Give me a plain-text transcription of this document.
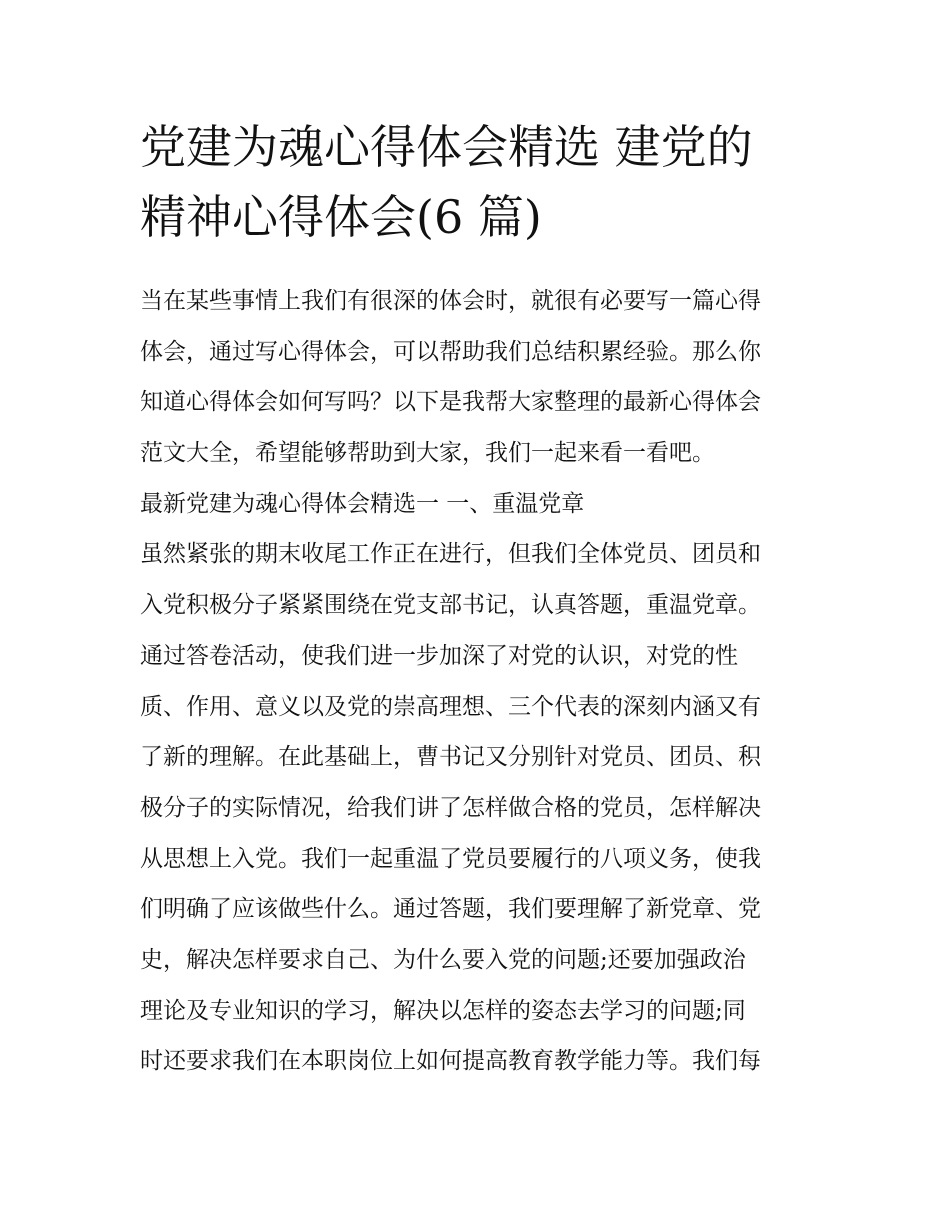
党建为魂心得体会精选 建党的
精神心得体会(6 篇)
当在某些事情上我们有很深的体会时，就很有必要写一篇心得
体会，通过写心得体会，可以帮助我们总结积累经验。那么你
知道心得体会如何写吗？以下是我帮大家整理的最新心得体会
范文大全，希望能够帮助到大家，我们一起来看一看吧。
最新党建为魂心得体会精选一 一、重温党章
虽然紧张的期末收尾工作正在进行，但我们全体党员、团员和
入党积极分子紧紧围绕在党支部书记，认真答题，重温党章。
通过答卷活动，使我们进一步加深了对党的认识，对党的性
质、作用、意义以及党的崇高理想、三个代表的深刻内涵又有
了新的理解。在此基础上，曹书记又分别针对党员、团员、积
极分子的实际情况，给我们讲了怎样做合格的党员，怎样解决
从思想上入党。我们一起重温了党员要履行的八项义务，使我
们明确了应该做些什么。通过答题，我们要理解了新党章、党
史，解决怎样要求自己、为什么要入党的问题;还要加强政治
理论及专业知识的学习，解决以怎样的姿态去学习的问题;同
时还要求我们在本职岗位上如何提高教育教学能力等。我们每
